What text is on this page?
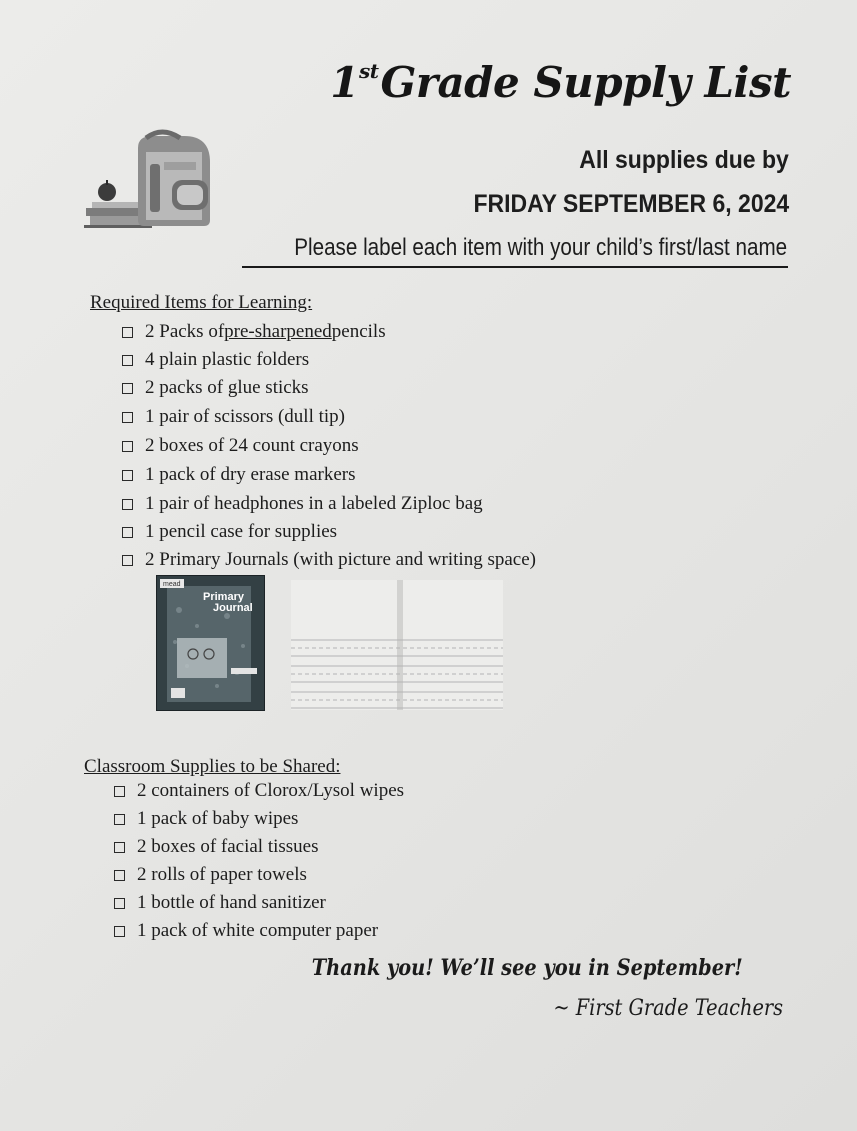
1stGrade Supply List
All supplies due by
FRIDAY SEPTEMBER 6, 2024
Please label each item with your child’s first/last name
Required Items for Learning:
2 Packs of pre-sharpened pencils
4 plain plastic folders
2 packs of glue sticks
1 pair of scissors (dull tip)
2 boxes of 24 count crayons
1 pack of dry erase markers
1 pair of headphones in a labeled Ziploc bag
1 pencil case for supplies
2 Primary Journals (with picture and writing space)
mead
Primary
Journal
Classroom Supplies to be Shared:
2 containers of Clorox/Lysol wipes
1 pack of baby wipes
2 boxes of facial tissues
2 rolls of paper towels
1 bottle of hand sanitizer
1 pack of white computer paper
Thank you! We’ll see you in September!
~ First Grade Teachers
